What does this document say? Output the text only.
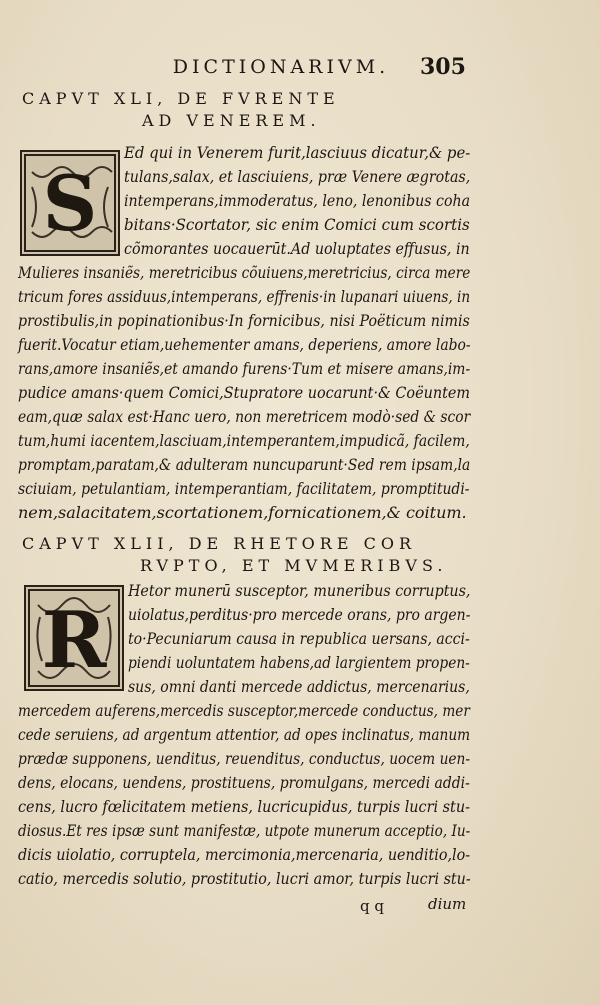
DICTIONARIVM.	305
CAPVT XLI, DE FVRENTE
AD VENEREM.
S
Ed qui in Venerem furit,lasciuus dicatur,& pe-
tulans,salax, et lasciuiens, præ Venere ægrotas,
intemperans,immoderatus, leno, lenonibus coha
bitans·Scortator, sic enim Comici cum scortis
cõmorantes uocauerūt.Ad uoluptates effusus, in
Mulieres insaniẽs, meretricibus cõuiuens,meretricius, circa mere
tricum fores assiduus,intemperans, effrenis·in lupanari uiuens, in
prostibulis,in popinationibus·In fornicibus, nisi Poëticum nimis
fuerit.Vocatur etiam,uehementer amans, deperiens, amore labo-
rans,amore insaniẽs,et amando furens·Tum et misere amans,im-
pudice amans·quem Comici,Stupratore uocarunt·& Coëuntem
eam,quæ salax est·Hanc uero, non meretricem modò·sed & scor
tum,humi iacentem,lasciuam,intemperantem,impudicã, facilem,
promptam,paratam,& adulteram nuncuparunt·Sed rem ipsam,la
sciuiam, petulantiam, intemperantiam, facilitatem, promptitudi-
nem,salacitatem,scortationem,fornicationem,& coitum.
CAPVT XLII, DE RHETORE COR
RVPTO, ET MVMERIBVS.
R
Hetor munerū susceptor, muneribus corruptus,
uiolatus,perditus·pro mercede orans, pro argen-
to·Pecuniarum causa in republica uersans, acci-
piendi uoluntatem habens,ad largientem propen-
sus, omni danti mercede addictus, mercenarius,
mercedem auferens,mercedis susceptor,mercede conductus, mer
cede seruiens, ad argentum attentior, ad opes inclinatus, manum
prædæ supponens, uenditus, reuenditus, conductus, uocem uen-
dens, elocans, uendens, prostituens, promulgans, mercedi addi-
cens, lucro fœlicitatem metiens, lucricupidus, turpis lucri stu-
diosus.Et res ipsæ sunt manifestæ, utpote munerum acceptio, Iu-
dicis uiolatio, corruptela, mercimonia,mercenaria, uenditio,lo-
catio, mercedis solutio, prostitutio, lucri amor, turpis lucri stu-
q q	dium
